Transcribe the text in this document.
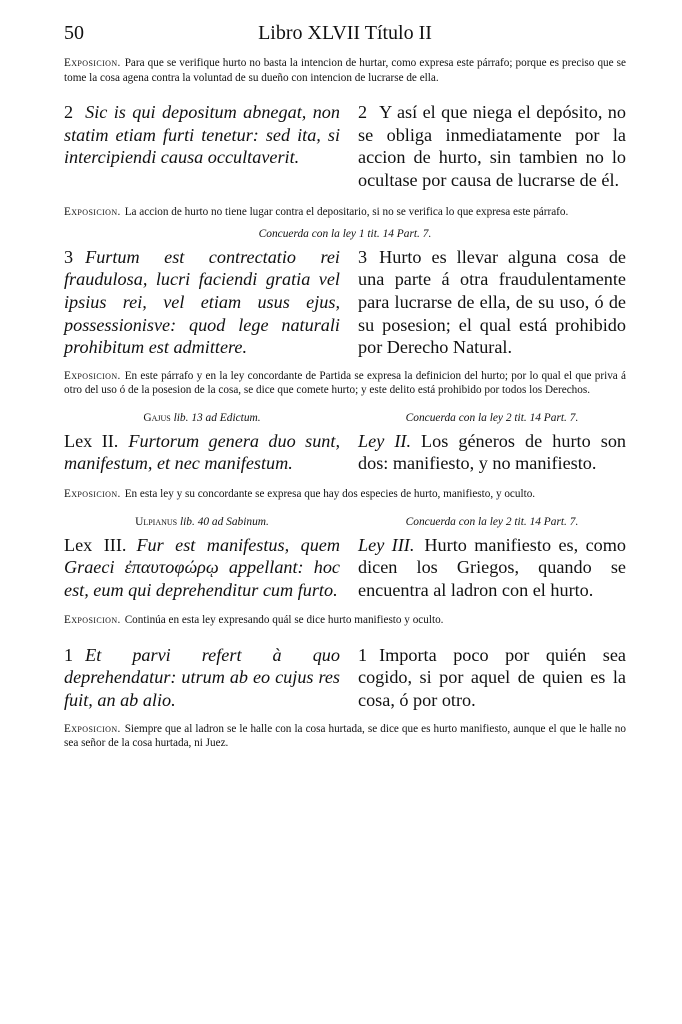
50	Libro XLVII Título II

Exposicion. Para que se verifique hurto no basta la intencion de hurtar, como expresa este párrafo; porque es preciso que se tome la cosa agena contra la voluntad de su dueño con intencion de lucrarse de ella.

2 Sic is qui depositum abnegat, non statim etiam furti tenetur: sed ita, si intercipiendi causa occultaverit.

2 Y así el que niega el depósito, no se obliga inmediatamente por la accion de hurto, sin tambien no lo ocultase por causa de lucrarse de él.

Exposicion. La accion de hurto no tiene lugar contra el depositario, si no se verifica lo que expresa este párrafo.

Concuerda con la ley 1 tit. 14 Part. 7.

3 Furtum est contrectatio rei fraudulosa, lucri faciendi gratia vel ipsius rei, vel etiam usus ejus, possessionisve: quod lege naturali prohibitum est admittere.

3 Hurto es llevar alguna cosa de una parte á otra fraudulentamente para lucrarse de ella, de su uso, ó de su posesion; el qual está prohibido por Derecho Natural.

Exposicion. En este párrafo y en la ley concordante de Partida se expresa la definicion del hurto; por lo qual el que priva á otro del uso ó de la posesion de la cosa, se dice que comete hurto; y este delito está prohibido por todos los Derechos.

Gajus lib. 13 ad Edictum.	Concuerda con la ley 2 tit. 14 Part. 7.

Lex II. Furtorum genera duo sunt, manifestum, et nec manifestum.

Ley II. Los géneros de hurto son dos: manifiesto, y no manifiesto.

Exposicion. En esta ley y su concordante se expresa que hay dos especies de hurto, manifiesto, y oculto.

Ulpianus lib. 40 ad Sabinum.	Concuerda con la ley 2 tit. 14 Part. 7.

Lex III. Fur est manifestus, quem Graeci ἐπαυτοφώρῳ appellant: hoc est, eum qui deprehenditur cum furto.

Ley III. Hurto manifiesto es, como dicen los Griegos, quando se encuentra al ladron con el hurto.

Exposicion. Continúa en esta ley expresando quál se dice hurto manifiesto y oculto.

1 Et parvi refert à quo deprehendatur: utrum ab eo cujus res fuit, an ab alio.

1 Importa poco por quién sea cogido, si por aquel de quien es la cosa, ó por otro.

Exposicion. Siempre que al ladron se le halle con la cosa hurtada, se dice que es hurto manifiesto, aunque el que le halle no sea señor de la cosa hurtada, ni Juez.
